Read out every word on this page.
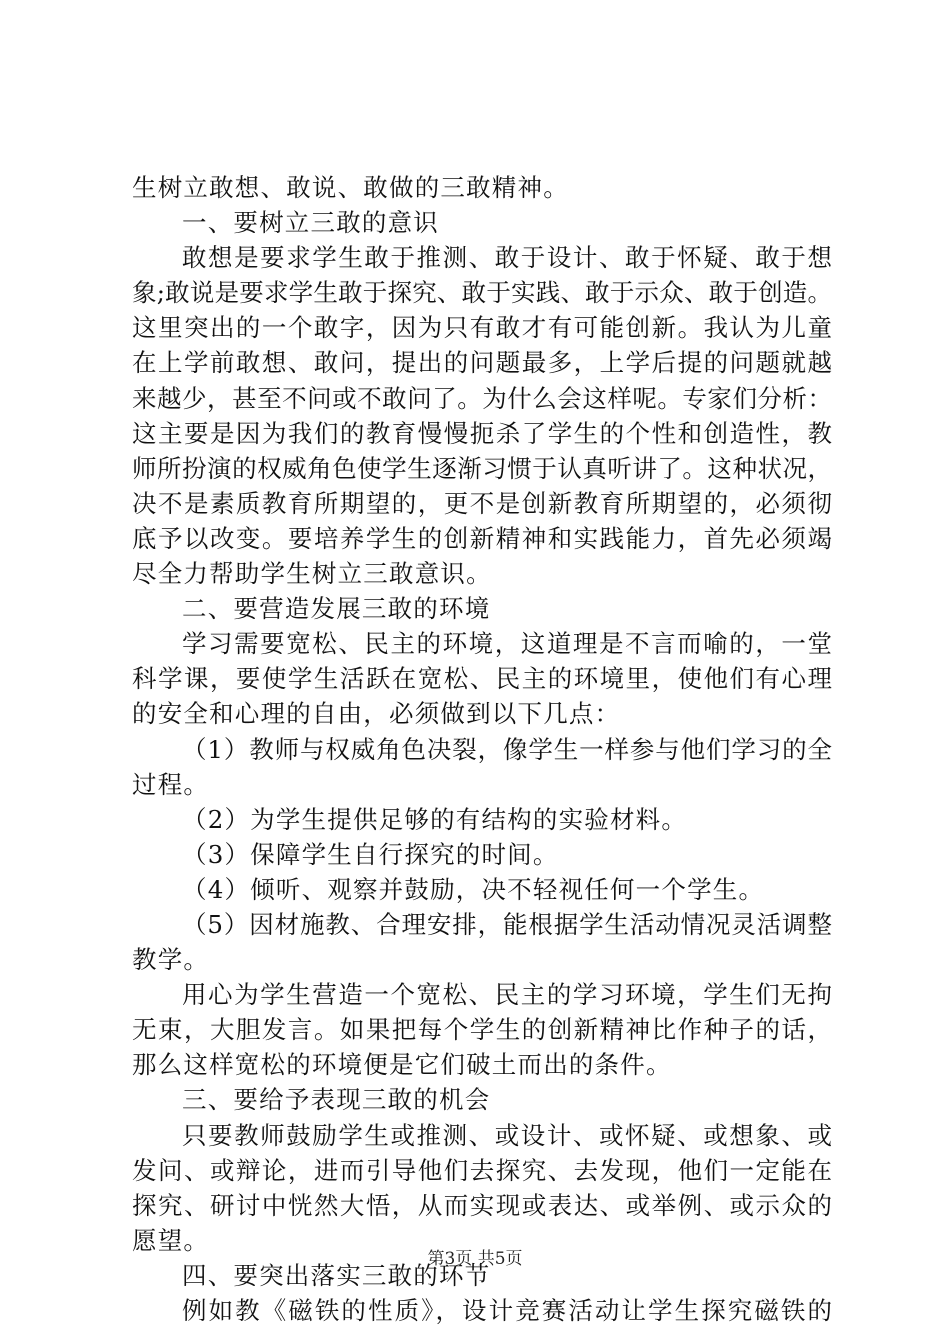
生树立敢想、敢说、敢做的三敢精神。
一、要树立三敢的意识
敢想是要求学生敢于推测、敢于设计、敢于怀疑、敢于想
象;敢说是要求学生敢于探究、敢于实践、敢于示众、敢于创造。
这里突出的一个敢字，因为只有敢才有可能创新。我认为儿童
在上学前敢想、敢问，提出的问题最多，上学后提的问题就越
来越少，甚至不问或不敢问了。为什么会这样呢。专家们分析：
这主要是因为我们的教育慢慢扼杀了学生的个性和创造性，教
师所扮演的权威角色使学生逐渐习惯于认真听讲了。这种状况，
决不是素质教育所期望的，更不是创新教育所期望的，必须彻
底予以改变。要培养学生的创新精神和实践能力，首先必须竭
尽全力帮助学生树立三敢意识。
二、要营造发展三敢的环境
学习需要宽松、民主的环境，这道理是不言而喻的，一堂
科学课，要使学生活跃在宽松、民主的环境里，使他们有心理
的安全和心理的自由，必须做到以下几点：
（1）教师与权威角色决裂，像学生一样参与他们学习的全
过程。
（2）为学生提供足够的有结构的实验材料。
（3）保障学生自行探究的时间。
（4）倾听、观察并鼓励，决不轻视任何一个学生。
（5）因材施教、合理安排，能根据学生活动情况灵活调整
教学。
用心为学生营造一个宽松、民主的学习环境，学生们无拘
无束，大胆发言。如果把每个学生的创新精神比作种子的话，
那么这样宽松的环境便是它们破土而出的条件。
三、要给予表现三敢的机会
只要教师鼓励学生或推测、或设计、或怀疑、或想象、或
发问、或辩论，进而引导他们去探究、去发现，他们一定能在
探究、研讨中恍然大悟，从而实现或表达、或举例、或示众的
愿望。
四、要突出落实三敢的环节
例如教《磁铁的性质》，设计竞赛活动让学生探究磁铁的
第3页 共5页
